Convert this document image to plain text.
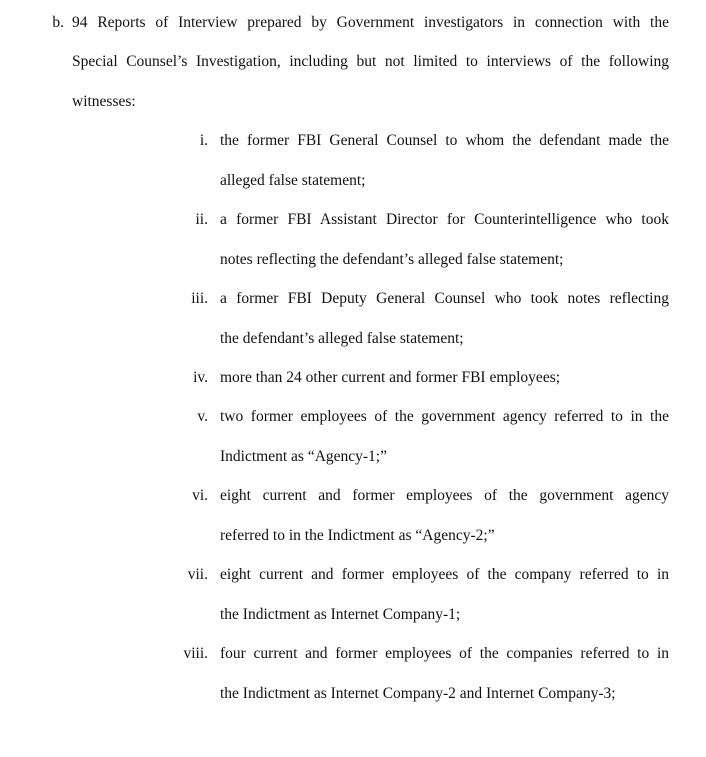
b. 94 Reports of Interview prepared by Government investigators in connection with the
Special Counsel’s Investigation, including but not limited to interviews of the following
witnesses:
i. the former FBI General Counsel to whom the defendant made the
alleged false statement;
ii. a former FBI Assistant Director for Counterintelligence who took
notes reflecting the defendant’s alleged false statement;
iii. a former FBI Deputy General Counsel who took notes reflecting
the defendant’s alleged false statement;
iv. more than 24 other current and former FBI employees;
v. two former employees of the government agency referred to in the
Indictment as “Agency-1;”
vi. eight current and former employees of the government agency
referred to in the Indictment as “Agency-2;”
vii. eight current and former employees of the company referred to in
the Indictment as Internet Company-1;
viii. four current and former employees of the companies referred to in
the Indictment as Internet Company-2 and Internet Company-3;
